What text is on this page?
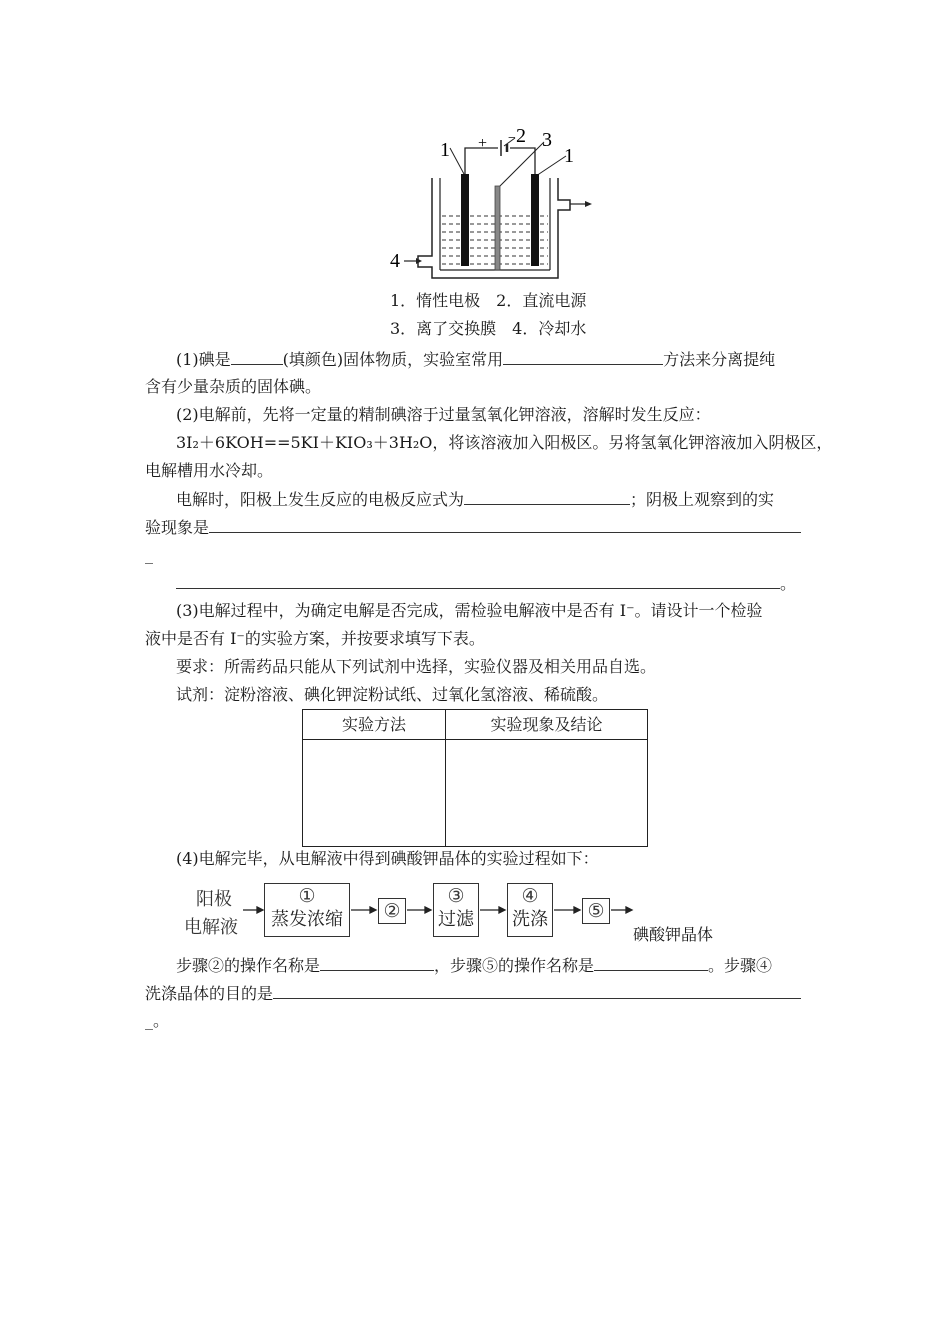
1 + − 2 3
1
4
1．惰性电极　2．直流电源
3．离了交换膜　4．冷却水
(1)碘是	(填颜色)固体物质，实验室常用	方法来分离提纯
含有少量杂质的固体碘。
(2)电解前，先将一定量的精制碘溶于过量氢氧化钾溶液，溶解时发生反应：
3I₂＋6KOH==5KI＋KIO₃＋3H₂O，将该溶液加入阳极区。另将氢氧化钾溶液加入阴极区，
电解槽用水冷却。
电解时，阳极上发生反应的电极反应式为	；阴极上观察到的实
验现象是
_
。
(3)电解过程中，为确定电解是否完成，需检验电解液中是否有 I⁻。请设计一个检验
液中是否有 I⁻的实验方案，并按要求填写下表。
要求：所需药品只能从下列试剂中选择，实验仪器及相关用品自选。
试剂：淀粉溶液、碘化钾淀粉试纸、过氧化氢溶液、稀硫酸。
实验方法	实验现象及结论

(4)电解完毕，从电解液中得到碘酸钾晶体的实验过程如下：
阳极
电解液
①
蒸发浓缩	②
③
过滤
④
洗涤 ⑤
碘酸钾晶体
步骤②的操作名称是	，步骤⑤的操作名称是	。步骤④
洗涤晶体的目的是
_。
